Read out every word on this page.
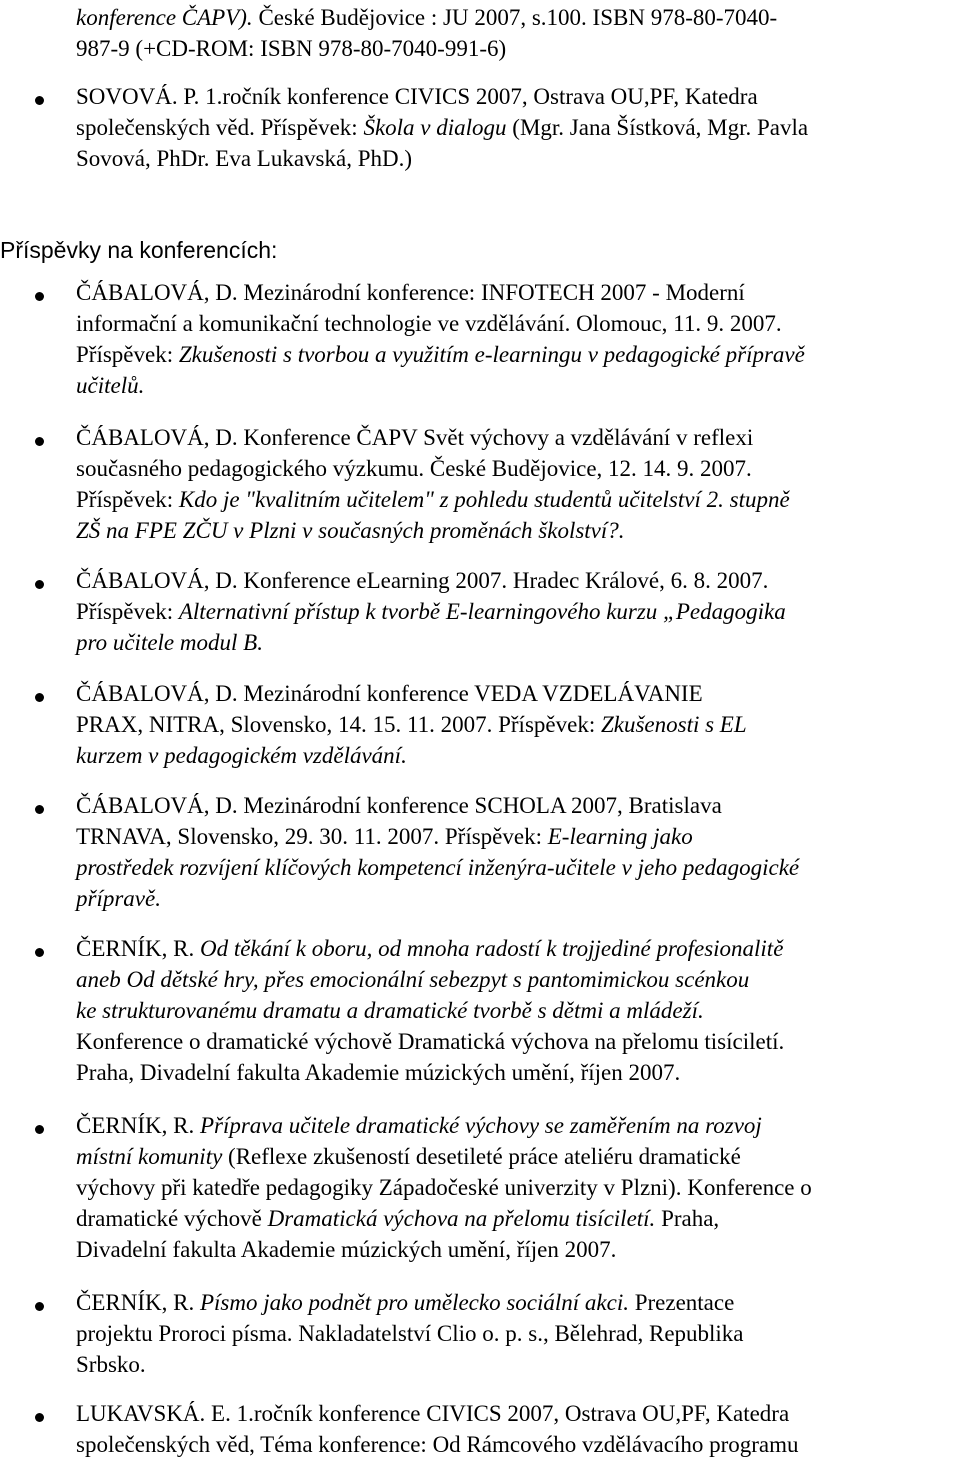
konference ČAPV). České Budějovice : JU 2007, s.100. ISBN 978-80-7040-
987-9 (+CD-ROM: ISBN 978-80-7040-991-6)
SOVOVÁ. P. 1.ročník konference CIVICS 2007, Ostrava OU,PF, Katedra
společenských věd. Příspěvek: Škola v dialogu (Mgr. Jana Šístková, Mgr. Pavla
Sovová, PhDr. Eva Lukavská, PhD.)
Příspěvky na konferencích:
ČÁBALOVÁ, D. Mezinárodní konference: INFOTECH 2007 - Moderní
informační a komunikační technologie ve vzdělávání. Olomouc, 11. 9. 2007.
Příspěvek: Zkušenosti s tvorbou a využitím e-learningu v pedagogické přípravě
učitelů.
ČÁBALOVÁ, D. Konference ČAPV Svět výchovy a vzdělávání v reflexi
současného pedagogického výzkumu. České Budějovice, 12. 14. 9. 2007.
Příspěvek: Kdo je "kvalitním učitelem" z pohledu studentů učitelství 2. stupně
ZŠ na FPE ZČU v Plzni v současných proměnách školství?.
ČÁBALOVÁ, D. Konference eLearning 2007. Hradec Králové, 6. 8. 2007.
Příspěvek: Alternativní přístup k tvorbě E-learningového kurzu „Pedagogika
pro učitele modul B.
ČÁBALOVÁ, D. Mezinárodní konference VEDA VZDELÁVANIE
PRAX, NITRA, Slovensko, 14. 15. 11. 2007. Příspěvek: Zkušenosti s EL
kurzem v pedagogickém vzdělávání.
ČÁBALOVÁ, D. Mezinárodní konference SCHOLA 2007, Bratislava
TRNAVA, Slovensko, 29. 30. 11. 2007. Příspěvek: E-learning jako
prostředek rozvíjení klíčových kompetencí inženýra-učitele v jeho pedagogické
přípravě.
ČERNÍK, R. Od těkání k oboru, od mnoha radostí k trojjediné profesionalitě
aneb Od dětské hry, přes emocionální sebezpyt s pantomimickou scénkou
ke strukturovanému dramatu a dramatické tvorbě s dětmi a mládeží.
Konference o dramatické výchově Dramatická výchova na přelomu tisíciletí.
Praha, Divadelní fakulta Akademie múzických umění, říjen 2007.
ČERNÍK, R. Příprava učitele dramatické výchovy se zaměřením na rozvoj
místní komunity (Reflexe zkušeností desetileté práce ateliéru dramatické
výchovy při katedře pedagogiky Západočeské univerzity v Plzni). Konference o
dramatické výchově Dramatická výchova na přelomu tisíciletí. Praha,
Divadelní fakulta Akademie múzických umění, říjen 2007.
ČERNÍK, R. Písmo jako podnět pro umělecko sociální akci. Prezentace
projektu Proroci písma. Nakladatelství Clio o. p. s., Bělehrad, Republika
Srbsko.
LUKAVSKÁ. E. 1.ročník konference CIVICS 2007, Ostrava OU,PF, Katedra
společenských věd, Téma konference: Od Rámcového vzdělávacího programu
